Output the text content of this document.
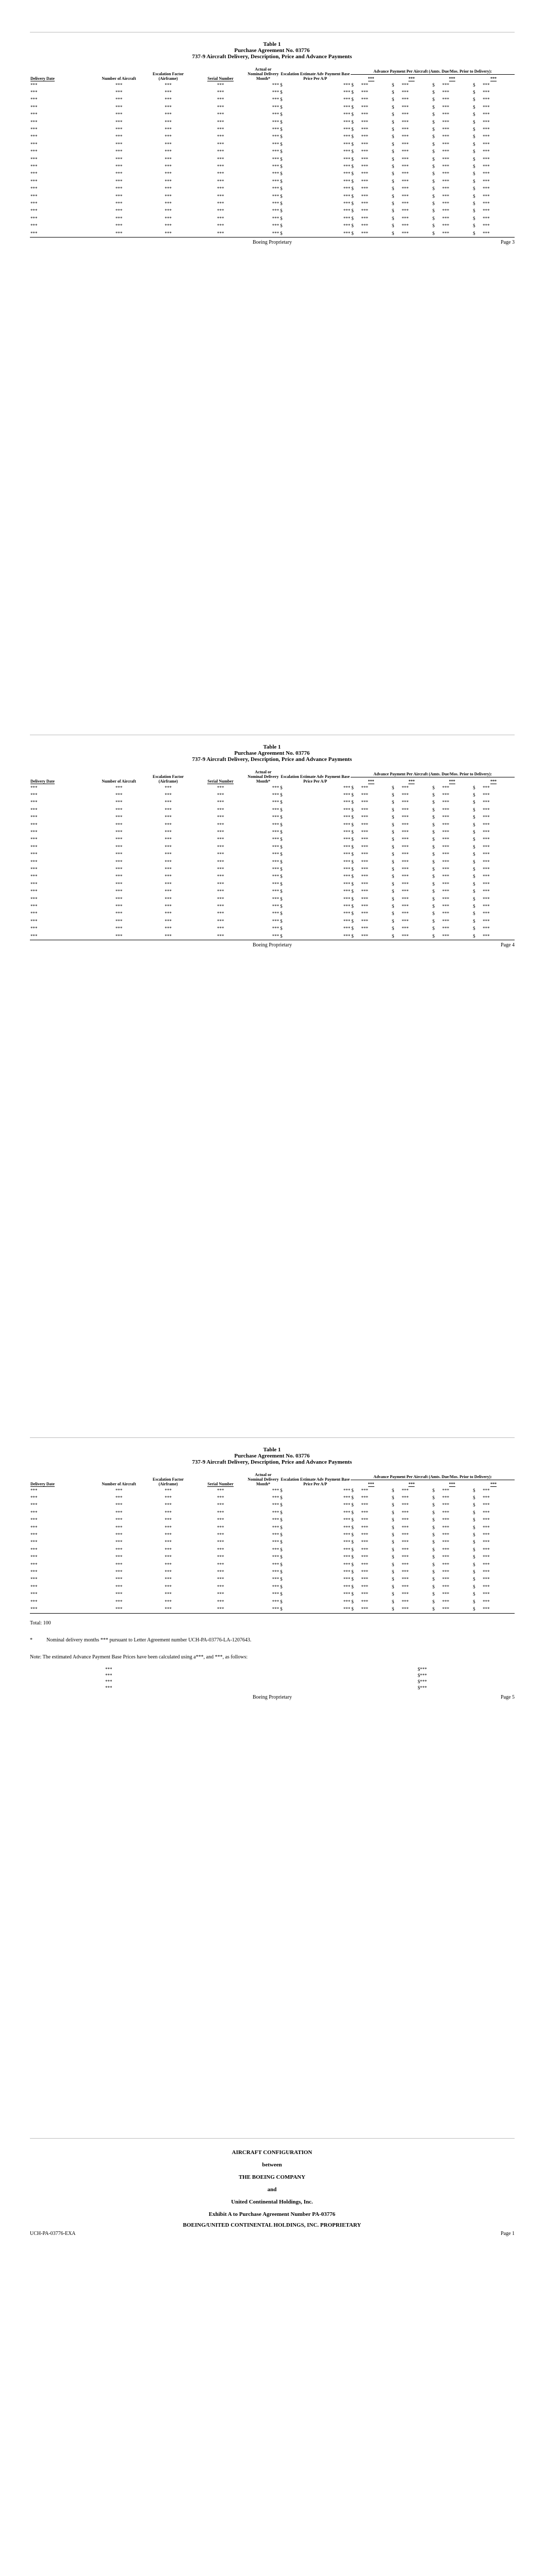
Table 1
Purchase Agreement No. 03776
737-9 Aircraft Delivery, Description, Price and Advance Payments
Delivery Date	Number of Aircraft	Escalation Factor (Airframe)	Serial Number	Actual or Nominal Delivery Month*	Escalation Estimate Adv Payment Base Price Per A/P		Advance Payment Per Aircraft (Amts. Due/Mos. Prior to Delivery):							
							***		***		***		***	
***	***	***	***	***	$	***	$	***	$	***	$	***	$	***
***	***	***	***	***	$	***	$	***	$	***	$	***	$	***
***	***	***	***	***	$	***	$	***	$	***	$	***	$	***
***	***	***	***	***	$	***	$	***	$	***	$	***	$	***
***	***	***	***	***	$	***	$	***	$	***	$	***	$	***
***	***	***	***	***	$	***	$	***	$	***	$	***	$	***
***	***	***	***	***	$	***	$	***	$	***	$	***	$	***
***	***	***	***	***	$	***	$	***	$	***	$	***	$	***
***	***	***	***	***	$	***	$	***	$	***	$	***	$	***
***	***	***	***	***	$	***	$	***	$	***	$	***	$	***
***	***	***	***	***	$	***	$	***	$	***	$	***	$	***
***	***	***	***	***	$	***	$	***	$	***	$	***	$	***
***	***	***	***	***	$	***	$	***	$	***	$	***	$	***
***	***	***	***	***	$	***	$	***	$	***	$	***	$	***
***	***	***	***	***	$	***	$	***	$	***	$	***	$	***
***	***	***	***	***	$	***	$	***	$	***	$	***	$	***
***	***	***	***	***	$	***	$	***	$	***	$	***	$	***
***	***	***	***	***	$	***	$	***	$	***	$	***	$	***
***	***	***	***	***	$	***	$	***	$	***	$	***	$	***
***	***	***	***	***	$	***	$	***	$	***	$	***	$	***
***	***	***	***	***	$	***	$	***	$	***	$	***	$	***
Boeing Proprietary	Page 3
Table 1
Purchase Agreement No. 03776
737-9 Aircraft Delivery, Description, Price and Advance Payments
Delivery Date	Number of Aircraft	Escalation Factor (Airframe)	Serial Number	Actual or Nominal Delivery Month*	Escalation Estimate Adv Payment Base Price Per A/P		Advance Payment Per Aircraft (Amts. Due/Mos. Prior to Delivery):							
							***		***		***		***	
***	***	***	***	***	$	***	$	***	$	***	$	***	$	***
***	***	***	***	***	$	***	$	***	$	***	$	***	$	***
***	***	***	***	***	$	***	$	***	$	***	$	***	$	***
***	***	***	***	***	$	***	$	***	$	***	$	***	$	***
***	***	***	***	***	$	***	$	***	$	***	$	***	$	***
***	***	***	***	***	$	***	$	***	$	***	$	***	$	***
***	***	***	***	***	$	***	$	***	$	***	$	***	$	***
***	***	***	***	***	$	***	$	***	$	***	$	***	$	***
***	***	***	***	***	$	***	$	***	$	***	$	***	$	***
***	***	***	***	***	$	***	$	***	$	***	$	***	$	***
***	***	***	***	***	$	***	$	***	$	***	$	***	$	***
***	***	***	***	***	$	***	$	***	$	***	$	***	$	***
***	***	***	***	***	$	***	$	***	$	***	$	***	$	***
***	***	***	***	***	$	***	$	***	$	***	$	***	$	***
***	***	***	***	***	$	***	$	***	$	***	$	***	$	***
***	***	***	***	***	$	***	$	***	$	***	$	***	$	***
***	***	***	***	***	$	***	$	***	$	***	$	***	$	***
***	***	***	***	***	$	***	$	***	$	***	$	***	$	***
***	***	***	***	***	$	***	$	***	$	***	$	***	$	***
***	***	***	***	***	$	***	$	***	$	***	$	***	$	***
***	***	***	***	***	$	***	$	***	$	***	$	***	$	***
Boeing Proprietary	Page 4
Table 1
Purchase Agreement No. 03776
737-9 Aircraft Delivery, Description, Price and Advance Payments
Delivery Date	Number of Aircraft	Escalation Factor (Airframe)	Serial Number	Actual or Nominal Delivery Month*	Escalation Estimate Adv Payment Base Price Per A/P		Advance Payment Per Aircraft (Amts. Due/Mos. Prior to Delivery):							
							***		***		***		***	
***	***	***	***	***	$	***	$	***	$	***	$	***	$	***
***	***	***	***	***	$	***	$	***	$	***	$	***	$	***
***	***	***	***	***	$	***	$	***	$	***	$	***	$	***
***	***	***	***	***	$	***	$	***	$	***	$	***	$	***
***	***	***	***	***	$	***	$	***	$	***	$	***	$	***
***	***	***	***	***	$	***	$	***	$	***	$	***	$	***
***	***	***	***	***	$	***	$	***	$	***	$	***	$	***
***	***	***	***	***	$	***	$	***	$	***	$	***	$	***
***	***	***	***	***	$	***	$	***	$	***	$	***	$	***
***	***	***	***	***	$	***	$	***	$	***	$	***	$	***
***	***	***	***	***	$	***	$	***	$	***	$	***	$	***
***	***	***	***	***	$	***	$	***	$	***	$	***	$	***
***	***	***	***	***	$	***	$	***	$	***	$	***	$	***
***	***	***	***	***	$	***	$	***	$	***	$	***	$	***
***	***	***	***	***	$	***	$	***	$	***	$	***	$	***
***	***	***	***	***	$	***	$	***	$	***	$	***	$	***
***	***	***	***	***	$	***	$	***	$	***	$	***	$	***
Total: 100
*	Nominal delivery months *** pursuant to Letter Agreement number UCH-PA-03776-LA-1207643.
Note: The estimated Advance Payment Base Prices have been calculated using a***, and ***, as follows:
***	$***
***	$***
***	$***
***	$***
Boeing Proprietary	Page 5
AIRCRAFT CONFIGURATION
between
THE BOEING COMPANY
and
United Continental Holdings, Inc.
Exhibit A to Purchase Agreement Number PA-03776
BOEING/UNITED CONTINENTAL HOLDINGS, INC. PROPRIETARY
UCH-PA-03776-EXA	Page 1
